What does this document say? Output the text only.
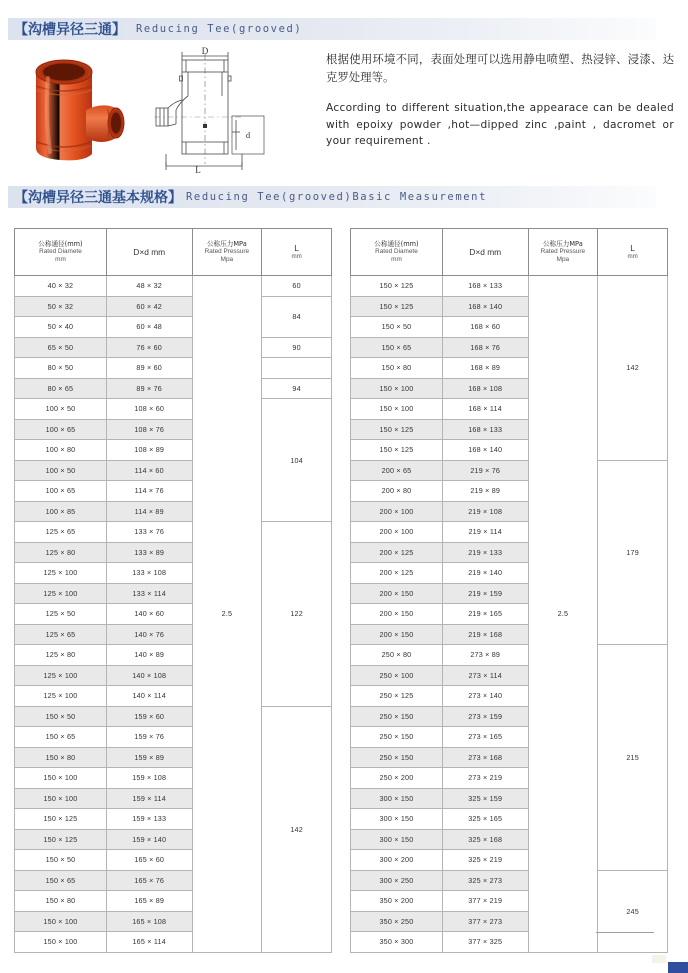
【沟槽异径三通】 Reducing Tee(grooved)
D
L
d

根据使用环境不同，表面处理可以选用静电喷塑、热浸锌、浸漆、达克罗处理等。

According to different situation,the appearace can be dealed with epoixy powder ,hot—dipped zinc ,paint , dacromet or your requirement .

【沟槽异径三通基本规格】 Reducing Tee(grooved)Basic Measurement
公称通径(mm)
Rated Diamete
mm	D×d mm	公称压力MPa
Rated Pressure
Mpa	L
mm

40 × 32	48 × 32	2.5	60
50 × 32	60 × 42		84
50 × 40	60 × 48		
65 × 50	76 × 60		90
80 × 50	89 × 60		
80 × 65	89 × 76		94
100 × 50	108 × 60		104
100 × 65	108 × 76		
100 × 80	108 × 89		
100 × 50	114 × 60		
100 × 65	114 × 76		
100 × 85	114 × 89		
125 × 65	133 × 76		122
125 × 80	133 × 89		
125 × 100	133 × 108		
125 × 100	133 × 114		
125 × 50	140 × 60		
125 × 65	140 × 76		
125 × 80	140 × 89		
125 × 100	140 × 108		
125 × 100	140 × 114		
150 × 50	159 × 60		142
150 × 65	159 × 76		
150 × 80	159 × 89		
150 × 100	159 × 108		
150 × 100	159 × 114		
150 × 125	159 × 133		
150 × 125	159 × 140		
150 × 50	165 × 60		
150 × 65	165 × 76		
150 × 80	165 × 89		
150 × 100	165 × 108		
150 × 100	165 × 114		
公称通径(mm)
Rated Diamete
mm	D×d mm	公称压力MPa
Rated Pressure
Mpa	L
mm

150 × 125	168 × 133	2.5	142
150 × 125	168 × 140		
150 × 50	168 × 60		
150 × 65	168 × 76		
150 × 80	168 × 89		
150 × 100	168 × 108		
150 × 100	168 × 114		
150 × 125	168 × 133		
150 × 125	168 × 140		
200 × 65	219 × 76		179
200 × 80	219 × 89		
200 × 100	219 × 108		
200 × 100	219 × 114		
200 × 125	219 × 133		
200 × 125	219 × 140		
200 × 150	219 × 159		
200 × 150	219 × 165		
200 × 150	219 × 168		
250 × 80	273 × 89		215
250 × 100	273 × 114		
250 × 125	273 × 140		
250 × 150	273 × 159		
250 × 150	273 × 165		
250 × 150	273 × 168		
250 × 200	273 × 219		
300 × 150	325 × 159		
300 × 150	325 × 165		
300 × 150	325 × 168		
300 × 200	325 × 219		
300 × 250	325 × 273		245
350 × 200	377 × 219		
350 × 250	377 × 273		
350 × 300	377 × 325		
